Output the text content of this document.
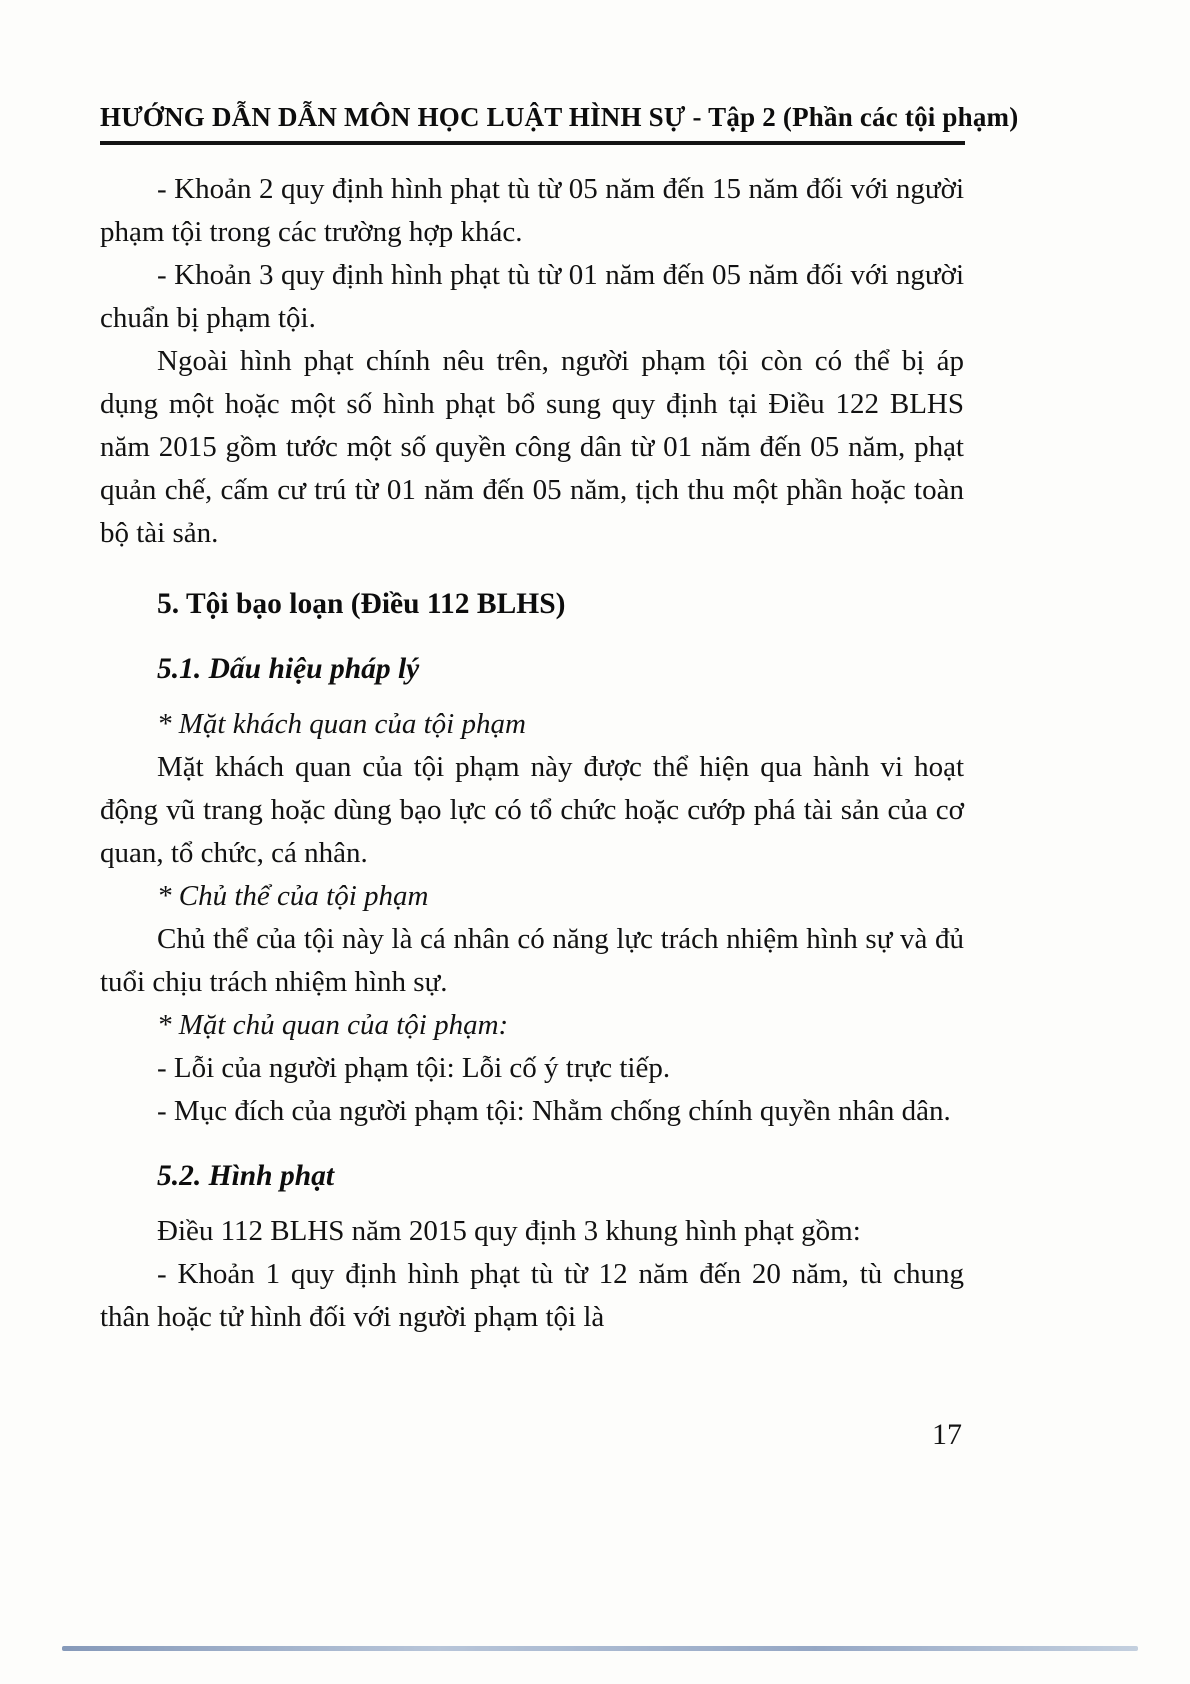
HƯỚNG DẪN DẪN MÔN HỌC LUẬT HÌNH SỰ - Tập 2 (Phần các tội phạm)

- Khoản 2 quy định hình phạt tù từ 05 năm đến 15 năm đối với người phạm tội trong các trường hợp khác.

- Khoản 3 quy định hình phạt tù từ 01 năm đến 05 năm đối với người chuẩn bị phạm tội.

Ngoài hình phạt chính nêu trên, người phạm tội còn có thể bị áp dụng một hoặc một số hình phạt bổ sung quy định tại Điều 122 BLHS năm 2015 gồm tước một số quyền công dân từ 01 năm đến 05 năm, phạt quản chế, cấm cư trú từ 01 năm đến 05 năm, tịch thu một phần hoặc toàn bộ tài sản.

5. Tội bạo loạn (Điều 112 BLHS)
5.1. Dấu hiệu pháp lý

* Mặt khách quan của tội phạm

Mặt khách quan của tội phạm này được thể hiện qua hành vi hoạt động vũ trang hoặc dùng bạo lực có tổ chức hoặc cướp phá tài sản của cơ quan, tổ chức, cá nhân.

* Chủ thể của tội phạm

Chủ thể của tội này là cá nhân có năng lực trách nhiệm hình sự và đủ tuổi chịu trách nhiệm hình sự.

* Mặt chủ quan của tội phạm:

- Lỗi của người phạm tội: Lỗi cố ý trực tiếp.

- Mục đích của người phạm tội: Nhằm chống chính quyền nhân dân.

5.2. Hình phạt

Điều 112 BLHS năm 2015 quy định 3 khung hình phạt gồm:

- Khoản 1 quy định hình phạt tù từ 12 năm đến 20 năm, tù chung thân hoặc tử hình đối với người phạm tội là

17
